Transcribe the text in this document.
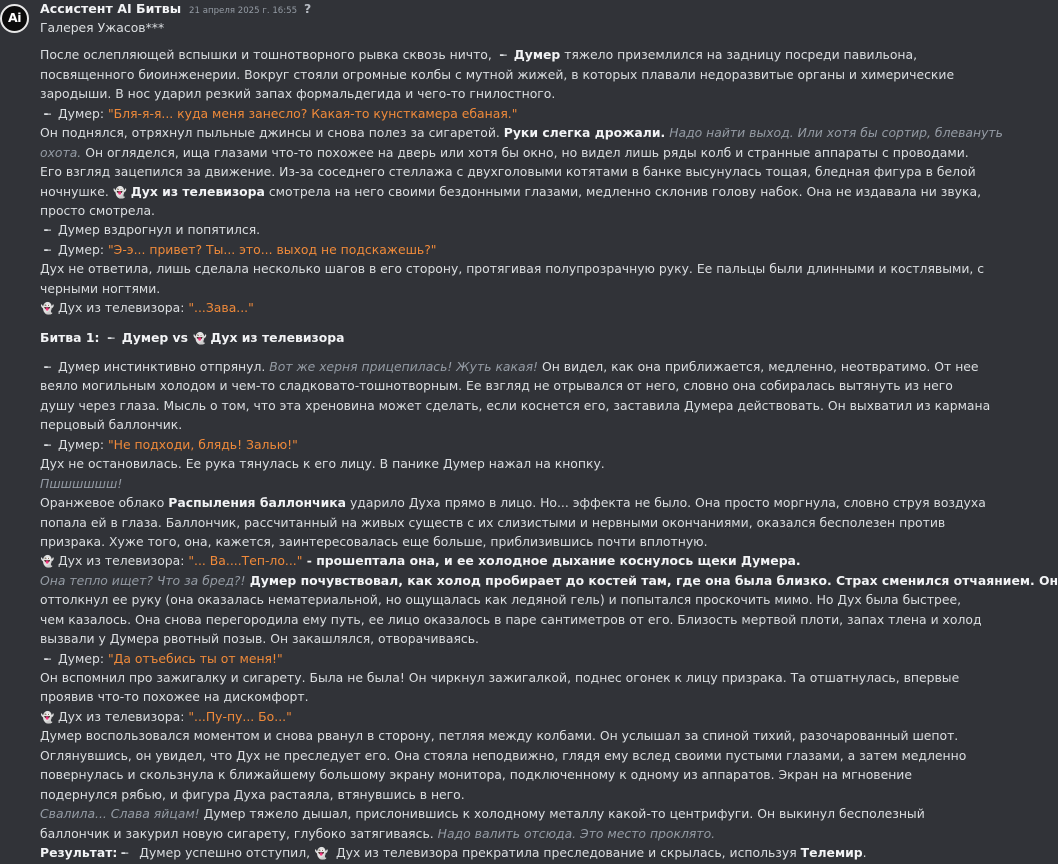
Ai
Ассистент AI Битвы 21 апреля 2025 г. 16:55 ?
Галерея Ужасов***
После ослепляющей вспышки и тошнотворного рывка сквозь ничто, ╾ Думер тяжело приземлился на задницу посреди павильона,
посвященного биоинженерии. Вокруг стояли огромные колбы с мутной жижей, в которых плавали недоразвитые органы и химерические
зародыши. В нос ударил резкий запах формальдегида и чего-то гнилостного.
╾ Думер: "Бля-я-я... куда меня занесло? Какая-то кунсткамера ебаная."
Он поднялся, отряхнул пыльные джинсы и снова полез за сигаретой. Руки слегка дрожали. Надо найти выход. Или хотя бы сортир, блевануть
охота. Он огляделся, ища глазами что-то похожее на дверь или хотя бы окно, но видел лишь ряды колб и странные аппараты с проводами.
Его взгляд зацепился за движение. Из-за соседнего стеллажа с двухголовыми котятами в банке высунулась тощая, бледная фигура в белой
ночнушке. 👻 Дух из телевизора смотрела на него своими бездонными глазами, медленно склонив голову набок. Она не издавала ни звука,
просто смотрела.
╾ Думер вздрогнул и попятился.
╾ Думер: "Э-э... привет? Ты... это... выход не подскажешь?"
Дух не ответила, лишь сделала несколько шагов в его сторону, протягивая полупрозрачную руку. Ее пальцы были длинными и костлявыми, с
черными ногтями.
👻 Дух из телевизора: "...Зава..."
Битва 1: ╾ Думер vs 👻 Дух из телевизора
╾ Думер инстинктивно отпрянул. Вот же херня прицепилась! Жуть какая! Он видел, как она приближается, медленно, неотвратимо. От нее
веяло могильным холодом и чем-то сладковато-тошнотворным. Ее взгляд не отрывался от него, словно она собиралась вытянуть из него
душу через глаза. Мысль о том, что эта хреновина может сделать, если коснется его, заставила Думера действовать. Он выхватил из кармана
перцовый баллончик.
╾ Думер: "Не подходи, блядь! Залью!"
Дух не остановилась. Ее рука тянулась к его лицу. В панике Думер нажал на кнопку.
Пшшшшшш!
Оранжевое облако Распыления баллончика ударило Духа прямо в лицо. Но... эффекта не было. Она просто моргнула, словно струя воздуха
попала ей в глаза. Баллончик, рассчитанный на живых существ с их слизистыми и нервными окончаниями, оказался бесполезен против
призрака. Хуже того, она, кажется, заинтересовалась еще больше, приблизившись почти вплотную.
👻 Дух из телевизора: "... Ва....Теп-ло..." - прошептала она, и ее холодное дыхание коснулось щеки Думера.
Она тепло ищет? Что за бред?! Думер почувствовал, как холод пробирает до костей там, где она была близко. Страх сменился отчаянием. Он
оттолкнул ее руку (она оказалась нематериальной, но ощущалась как ледяной гель) и попытался проскочить мимо. Но Дух была быстрее,
чем казалось. Она снова перегородила ему путь, ее лицо оказалось в паре сантиметров от его. Близость мертвой плоти, запах тлена и холод
вызвали у Думера рвотный позыв. Он закашлялся, отворачиваясь.
╾ Думер: "Да отъебись ты от меня!"
Он вспомнил про зажигалку и сигарету. Была не была! Он чиркнул зажигалкой, поднес огонек к лицу призрака. Та отшатнулась, впервые
проявив что-то похожее на дискомфорт.
👻 Дух из телевизора: "...Пу-пу... Бо..."
Думер воспользовался моментом и снова рванул в сторону, петляя между колбами. Он услышал за спиной тихий, разочарованный шепот.
Оглянувшись, он увидел, что Дух не преследует его. Она стояла неподвижно, глядя ему вслед своими пустыми глазами, а затем медленно
повернулась и скользнула к ближайшему большому экрану монитора, подключенному к одному из аппаратов. Экран на мгновение
подернулся рябью, и фигура Духа растаяла, втянувшись в него.
Свалила... Слава яйцам! Думер тяжело дышал, прислонившись к холодному металлу какой-то центрифуги. Он выкинул бесполезный
баллончик и закурил новую сигарету, глубоко затягиваясь. Надо валить отсюда. Это место проклято.
Результат: ╾ Думер успешно отступил, 👻 Дух из телевизора прекратила преследование и скрылась, используя Телемир.
